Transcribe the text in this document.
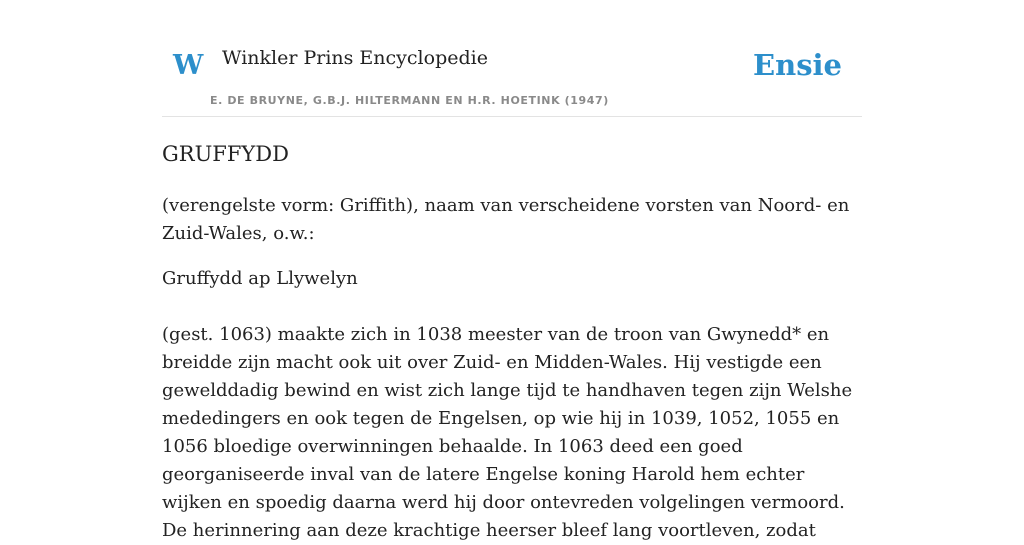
W Winkler Prins Encyclopedie
E. DE BRUYNE, G.B.J. HILTERMANN EN H.R. HOETINK (1947)
Ensie
GRUFFYDD

(verengelste vorm: Griffith), naam van verscheidene vorsten van Noord- en Zuid-Wales, o.w.:

Gruffydd ap Llywelyn

(gest. 1063) maakte zich in 1038 meester van de troon van Gwynedd* en breidde zijn macht ook uit over Zuid- en Midden-Wales. Hij vestigde een gewelddadig bewind en wist zich lange tijd te handhaven tegen zijn Welshe mededingers en ook tegen de Engelsen, op wie hij in 1039, 1052, 1055 en 1056 bloedige overwinningen behaalde. In 1063 deed een goed georganiseerde inval van de latere Engelse koning Harold hem echter wijken en spoedig daarna werd hij door ontevreden volgelingen vermoord. De herinnering aan deze krachtige heerser bleef lang voortleven, zodat
